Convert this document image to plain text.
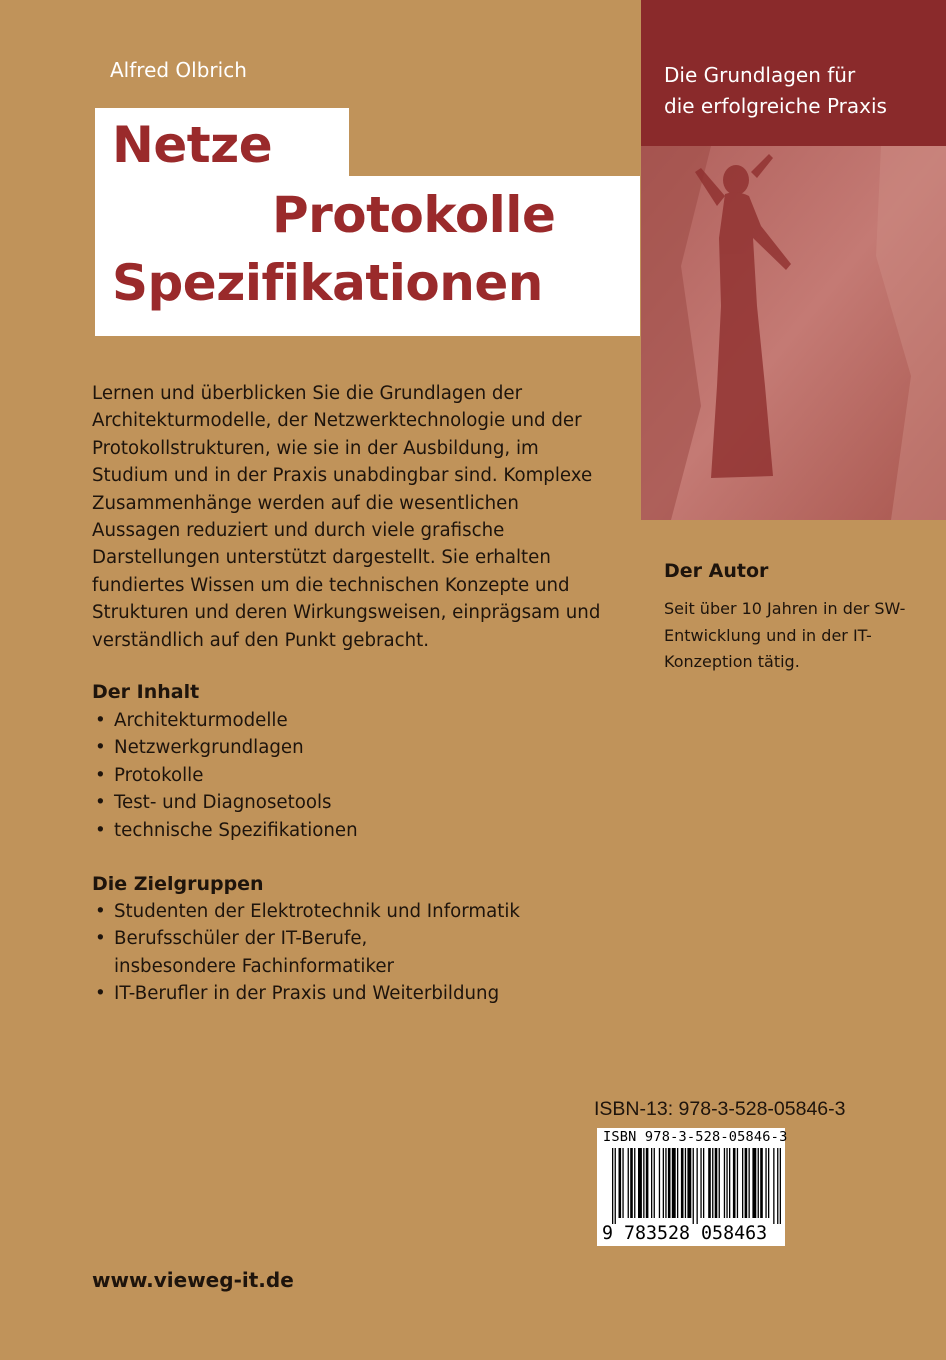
Alfred Olbrich
Netze
Protokolle
Spezifikationen
Die Grundlagen für
die erfolgreiche Praxis
Lernen und überblicken Sie die Grundlagen der Architekturmodelle, der Netzwerktechnologie und der Protokollstrukturen, wie sie in der Ausbildung, im Studium und in der Praxis unabdingbar sind. Komplexe Zusammenhänge werden auf die wesentlichen Aussagen reduziert und durch viele grafische Darstellungen unterstützt dargestellt. Sie erhalten fundiertes Wissen um die technischen Konzepte und Strukturen und deren Wirkungsweisen, einprägsam und verständlich auf den Punkt gebracht.
Der Inhalt
• Architekturmodelle
• Netzwerkgrundlagen
• Protokolle
• Test- und Diagnosetools
• technische Spezifikationen
Die Zielgruppen
• Studenten der Elektrotechnik und Informatik
• Berufsschüler der IT-Berufe,
insbesondere Fachinformatiker
• IT-Berufler in der Praxis und Weiterbildung
Der Autor
Seit über 10 Jahren in der SW-Entwicklung und in der IT-Konzeption tätig.
ISBN-13: 978-3-528-05846-3
ISBN 978-3-528-05846-3
9 783528 058463
www.vieweg-it.de
